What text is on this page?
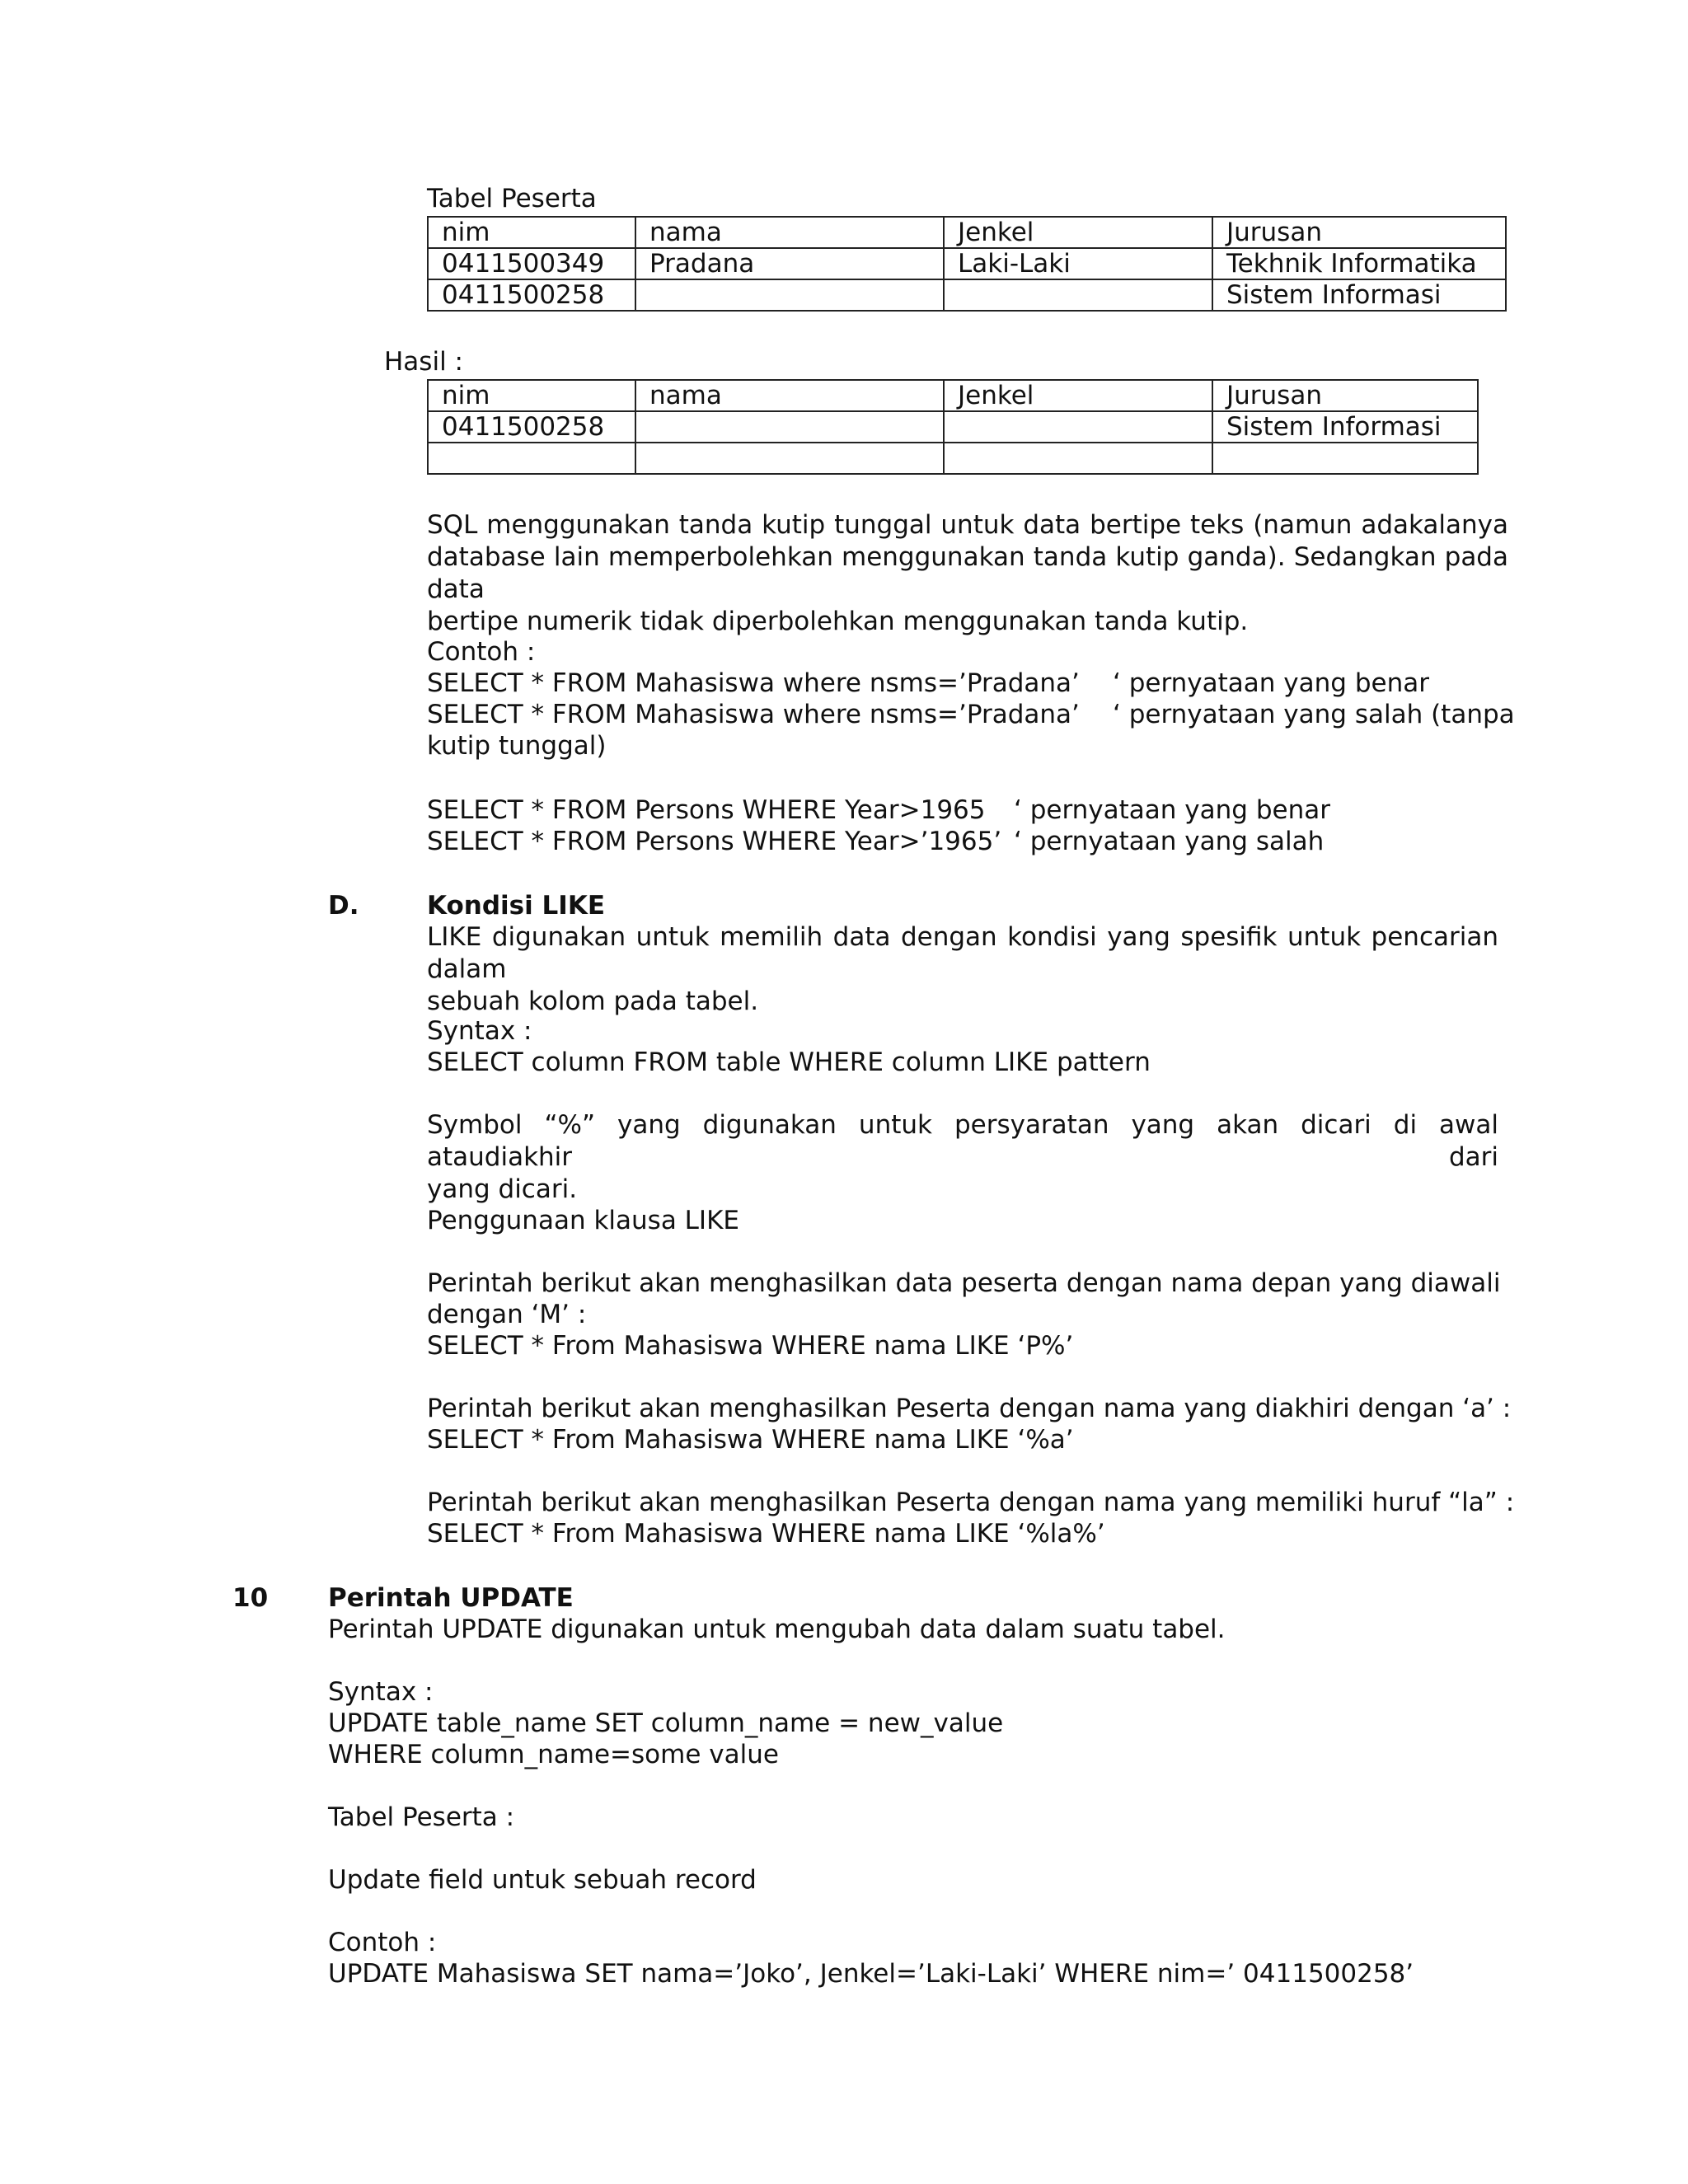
Tabel Peserta
nim	nama	Jenkel	Jurusan
0411500349	Pradana	Laki-Laki	Tekhnik Informatika
0411500258			Sistem Informasi
Hasil :
nim	nama	Jenkel	Jurusan
0411500258			Sistem Informasi

SQL menggunakan tanda kutip tunggal untuk data bertipe teks (namun adakalanya
database lain memperbolehkan menggunakan tanda kutip ganda). Sedangkan pada data
bertipe numerik tidak diperbolehkan menggunakan tanda kutip.
Contoh :
SELECT * FROM Mahasiswa where nsms=’Pradana’ ‘ pernyataan yang benar
SELECT * FROM Mahasiswa where nsms=’Pradana’ ‘ pernyataan yang salah (tanpa
kutip tunggal)
SELECT * FROM Persons WHERE Year>1965 ‘ pernyataan yang benar
SELECT * FROM Persons WHERE Year>’1965’ ‘ pernyataan yang salah
D.	Kondisi LIKE
LIKE digunakan untuk memilih data dengan kondisi yang spesifik untuk pencarian dalam
sebuah kolom pada tabel.
Syntax :
SELECT column FROM table WHERE column LIKE pattern
Symbol “%” yang digunakan untuk persyaratan yang akan dicari di awal ataudiakhir dari
yang dicari.
Penggunaan klausa LIKE
Perintah berikut akan menghasilkan data peserta dengan nama depan yang diawali
dengan ‘M’ :
SELECT * From Mahasiswa WHERE nama LIKE ‘P%’
Perintah berikut akan menghasilkan Peserta dengan nama yang diakhiri dengan ‘a’ :
SELECT * From Mahasiswa WHERE nama LIKE ‘%a’
Perintah berikut akan menghasilkan Peserta dengan nama yang memiliki huruf “la” :
SELECT * From Mahasiswa WHERE nama LIKE ‘%la%’
10 Perintah UPDATE
Perintah UPDATE digunakan untuk mengubah data dalam suatu tabel.
Syntax :
UPDATE table_name SET column_name = new_value
WHERE column_name=some value
Tabel Peserta :
Update field untuk sebuah record
Contoh :
UPDATE Mahasiswa SET nama=’Joko’, Jenkel=’Laki-Laki’ WHERE nim=’ 0411500258’
